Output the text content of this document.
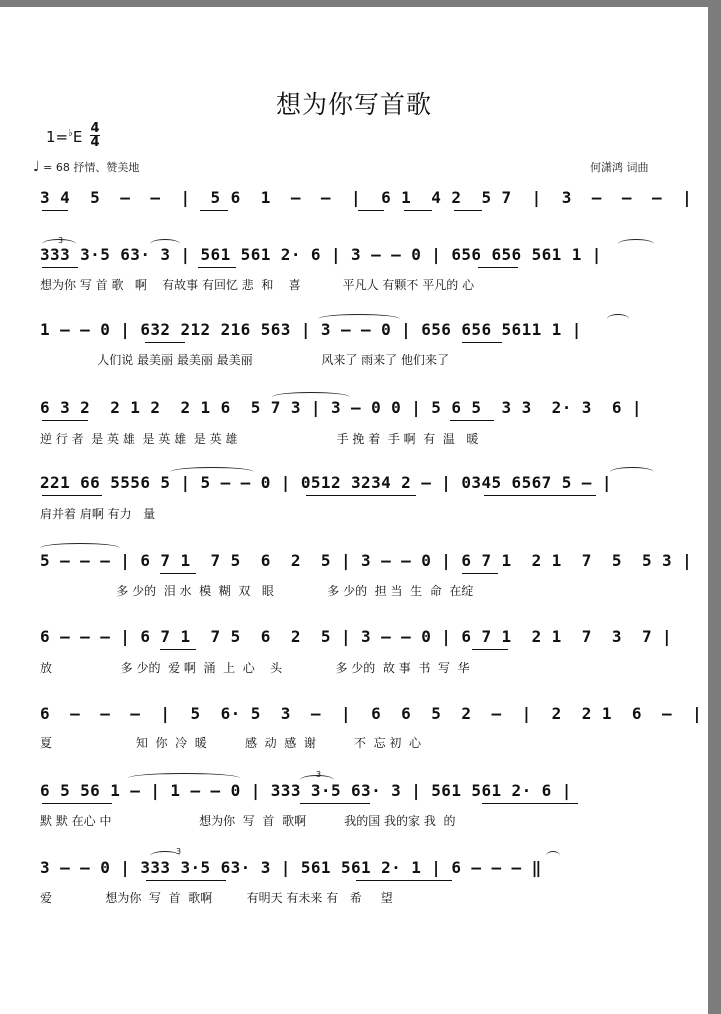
想为你写首歌
1=♭E 4
4
♩ = 68 抒情、赞美地	何潇鸿 词曲
3 4  5  –  –  |  5 6  1  –  –  |  6 1  4 2  5 7  |  3  –  –  –  |
333 3·5 63· 3 | 561 561 2· 6 | 3 – – 0 | 656 656 561 1 |
想为你 写 首 歌   啊    有故事 有回忆 悲  和    喜           平凡人 有颗不 平凡的 心
1 – – 0 | 632 212 216 563 | 3 – – 0 | 656 656 5611 1 |
人们说 最美丽 最美丽 最美丽                  风来了 雨来了 他们来了
6 3 2  2 1 2  2 1 6  5 7 3 | 3 – 0 0 | 5 6 5  3 3  2· 3  6 |
逆 行 者  是 英 雄  是 英 雄  是 英 雄                          手 挽 着  手 啊  有  温   暖
221 66 5556 5 | 5 – – 0 | 0512 3234 2 – | 0345 6567 5 – |
肩并着 肩啊 有力   量
5 – – – | 6 7 1  7 5  6  2  5 | 3 – – 0 | 6 7 1  2 1  7  5  5 3 |
多 少的  泪 水  模  糊  双   眼              多 少的  担 当  生  命  在绽
6 – – – | 6 7 1  7 5  6  2  5 | 3 – – 0 | 6 7 1  2 1  7  3  7 |
放                  多 少的  爱 啊  涌  上  心    头              多 少的  故 事  书  写  华
6  –  –  –  |  5  6· 5  3  –  |  6  6  5  2  –  |  2  2 1  6  –  |
夏                      知  你  冷  暖          感  动  感  谢          不  忘 初  心
6 5 56 1 – | 1 – – 0 | 333 3·5 63· 3 | 561 561 2· 6 |
默 默 在心 中                       想为你  写  首  歌啊          我的国 我的家 我  的
3 – – 0 | 333 3·5 63· 3 | 561 561 2· 1 | 6 – – – ‖
爱              想为你  写  首  歌啊         有明天 有未来 有   希     望
3
3
3
